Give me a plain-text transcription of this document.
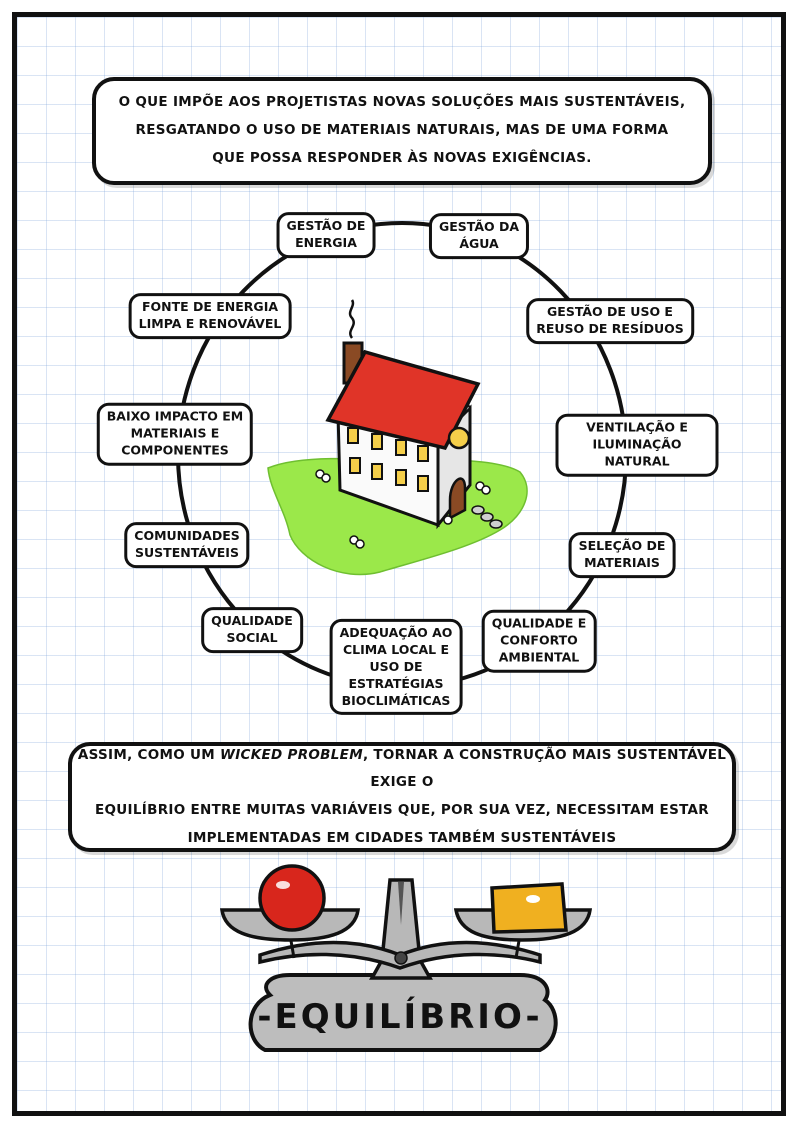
O QUE IMPÕE AOS PROJETISTAS NOVAS SOLUÇÕES MAIS SUSTENTÁVEIS,
RESGATANDO O USO DE MATERIAIS NATURAIS, MAS DE UMA FORMA
QUE POSSA RESPONDER ÀS NOVAS EXIGÊNCIAS.
GESTÃO DE
ENERGIA
GESTÃO DA
ÁGUA
FONTE DE ENERGIA
LIMPA E RENOVÁVEL
GESTÃO DE USO E
REUSO DE RESÍDUOS
BAIXO IMPACTO EM
MATERIAIS E
COMPONENTES
VENTILAÇÃO E
ILUMINAÇÃO NATURAL
COMUNIDADES
SUSTENTÁVEIS	SELEÇÃO DE
MATERIAIS
QUALIDADE
SOCIAL	ADEQUAÇÃO AO
CLIMA LOCAL E
USO DE
ESTRATÉGIAS
BIOCLIMÁTICAS
QUALIDADE E
CONFORTO
AMBIENTAL
ASSIM, COMO UM WICKED PROBLEM, TORNAR A CONSTRUÇÃO MAIS SUSTENTÁVEL EXIGE O
EQUILÍBRIO ENTRE MUITAS VARIÁVEIS QUE, POR SUA VEZ, NECESSITAM ESTAR
IMPLEMENTADAS EM CIDADES TAMBÉM SUSTENTÁVEIS
-EQUILÍBRIO-
